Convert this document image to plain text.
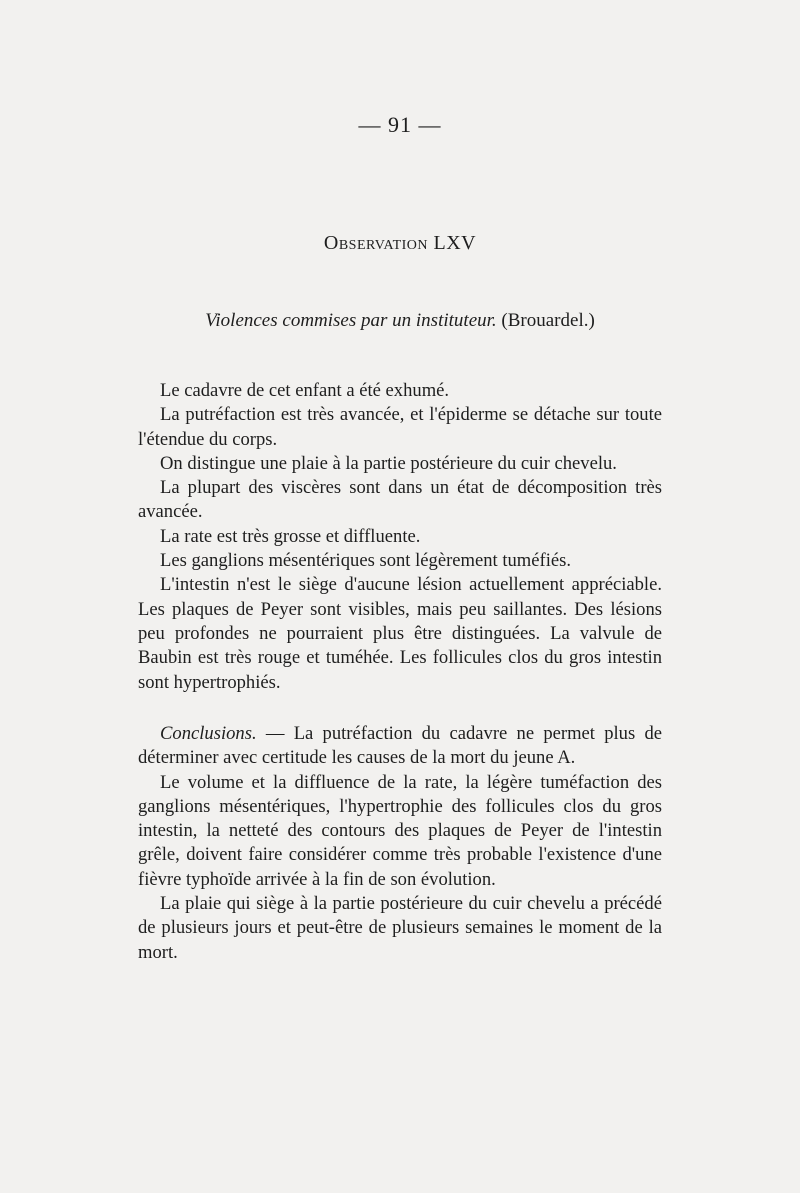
— 91 —
Observation LXV
Violences commises par un instituteur. (Brouardel.)

Le cadavre de cet enfant a été exhumé.

La putréfaction est très avancée, et l'épiderme se détache sur toute l'étendue du corps.

On distingue une plaie à la partie postérieure du cuir chevelu.

La plupart des viscères sont dans un état de décomposition très avancée.

La rate est très grosse et diffluente.

Les ganglions mésentériques sont légèrement tuméfiés.

L'intestin n'est le siège d'aucune lésion actuellement appréciable. Les plaques de Peyer sont visibles, mais peu saillantes. Des lésions peu profondes ne pourraient plus être distinguées. La valvule de Baubin est très rouge et tuméhée. Les follicules clos du gros intestin sont hypertrophiés.

Conclusions. — La putréfaction du cadavre ne permet plus de déterminer avec certitude les causes de la mort du jeune A.

Le volume et la diffluence de la rate, la légère tuméfaction des ganglions mésentériques, l'hypertrophie des follicules clos du gros intestin, la netteté des contours des plaques de Peyer de l'intestin grêle, doivent faire considérer comme très probable l'existence d'une fièvre typhoïde arrivée à la fin de son évolution.

La plaie qui siège à la partie postérieure du cuir chevelu a précédé de plusieurs jours et peut-être de plusieurs semaines le moment de la mort.
